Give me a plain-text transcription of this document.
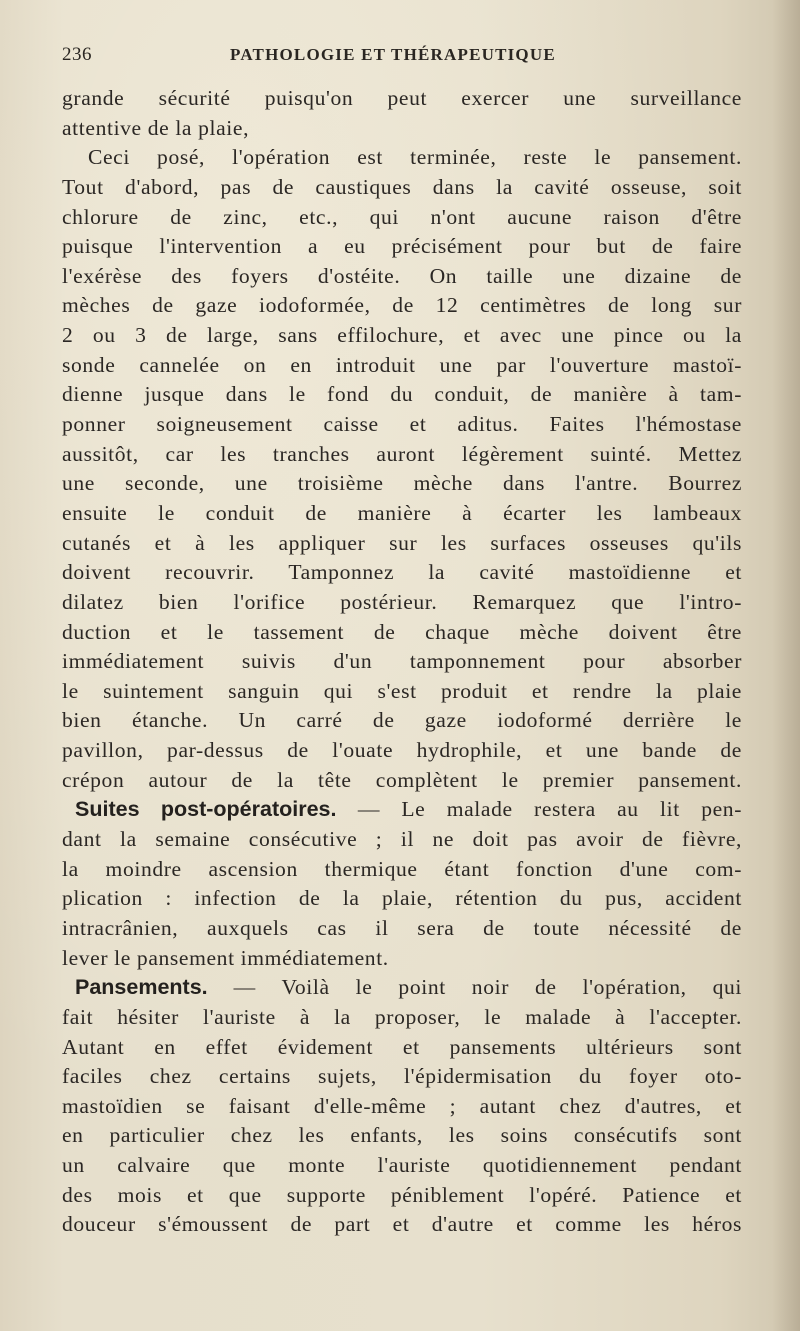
236	PATHOLOGIE ET THÉRAPEUTIQUE
grande sécurité puisqu'on peut exercer une surveillance
attentive de la plaie,
Ceci posé, l'opération est terminée, reste le pansement.
Tout d'abord, pas de caustiques dans la cavité osseuse, soit
chlorure de zinc, etc., qui n'ont aucune raison d'être
puisque l'intervention a eu précisément pour but de faire
l'exérèse des foyers d'ostéite. On taille une dizaine de
mèches de gaze iodoformée, de 12 centimètres de long sur
2 ou 3 de large, sans effilochure, et avec une pince ou la
sonde cannelée on en introduit une par l'ouverture mastoï-
dienne jusque dans le fond du conduit, de manière à tam-
ponner soigneusement caisse et aditus. Faites l'hémostase
aussitôt, car les tranches auront légèrement suinté. Mettez
une seconde, une troisième mèche dans l'antre. Bourrez
ensuite le conduit de manière à écarter les lambeaux
cutanés et à les appliquer sur les surfaces osseuses qu'ils
doivent recouvrir. Tamponnez la cavité mastoïdienne et
dilatez bien l'orifice postérieur. Remarquez que l'intro-
duction et le tassement de chaque mèche doivent être
immédiatement suivis d'un tamponnement pour absorber
le suintement sanguin qui s'est produit et rendre la plaie
bien étanche. Un carré de gaze iodoformé derrière le
pavillon, par-dessus de l'ouate hydrophile, et une bande de
crépon autour de la tête complètent le premier pansement.
Suites post-opératoires. — Le malade restera au lit pen-
dant la semaine consécutive ; il ne doit pas avoir de fièvre,
la moindre ascension thermique étant fonction d'une com-
plication : infection de la plaie, rétention du pus, accident
intracrânien, auxquels cas il sera de toute nécessité de
lever le pansement immédiatement.
Pansements. — Voilà le point noir de l'opération, qui
fait hésiter l'auriste à la proposer, le malade à l'accepter.
Autant en effet évidement et pansements ultérieurs sont
faciles chez certains sujets, l'épidermisation du foyer oto-
mastoïdien se faisant d'elle-même ; autant chez d'autres, et
en particulier chez les enfants, les soins consécutifs sont
un calvaire que monte l'auriste quotidiennement pendant
des mois et que supporte péniblement l'opéré. Patience et
douceur s'émoussent de part et d'autre et comme les héros
